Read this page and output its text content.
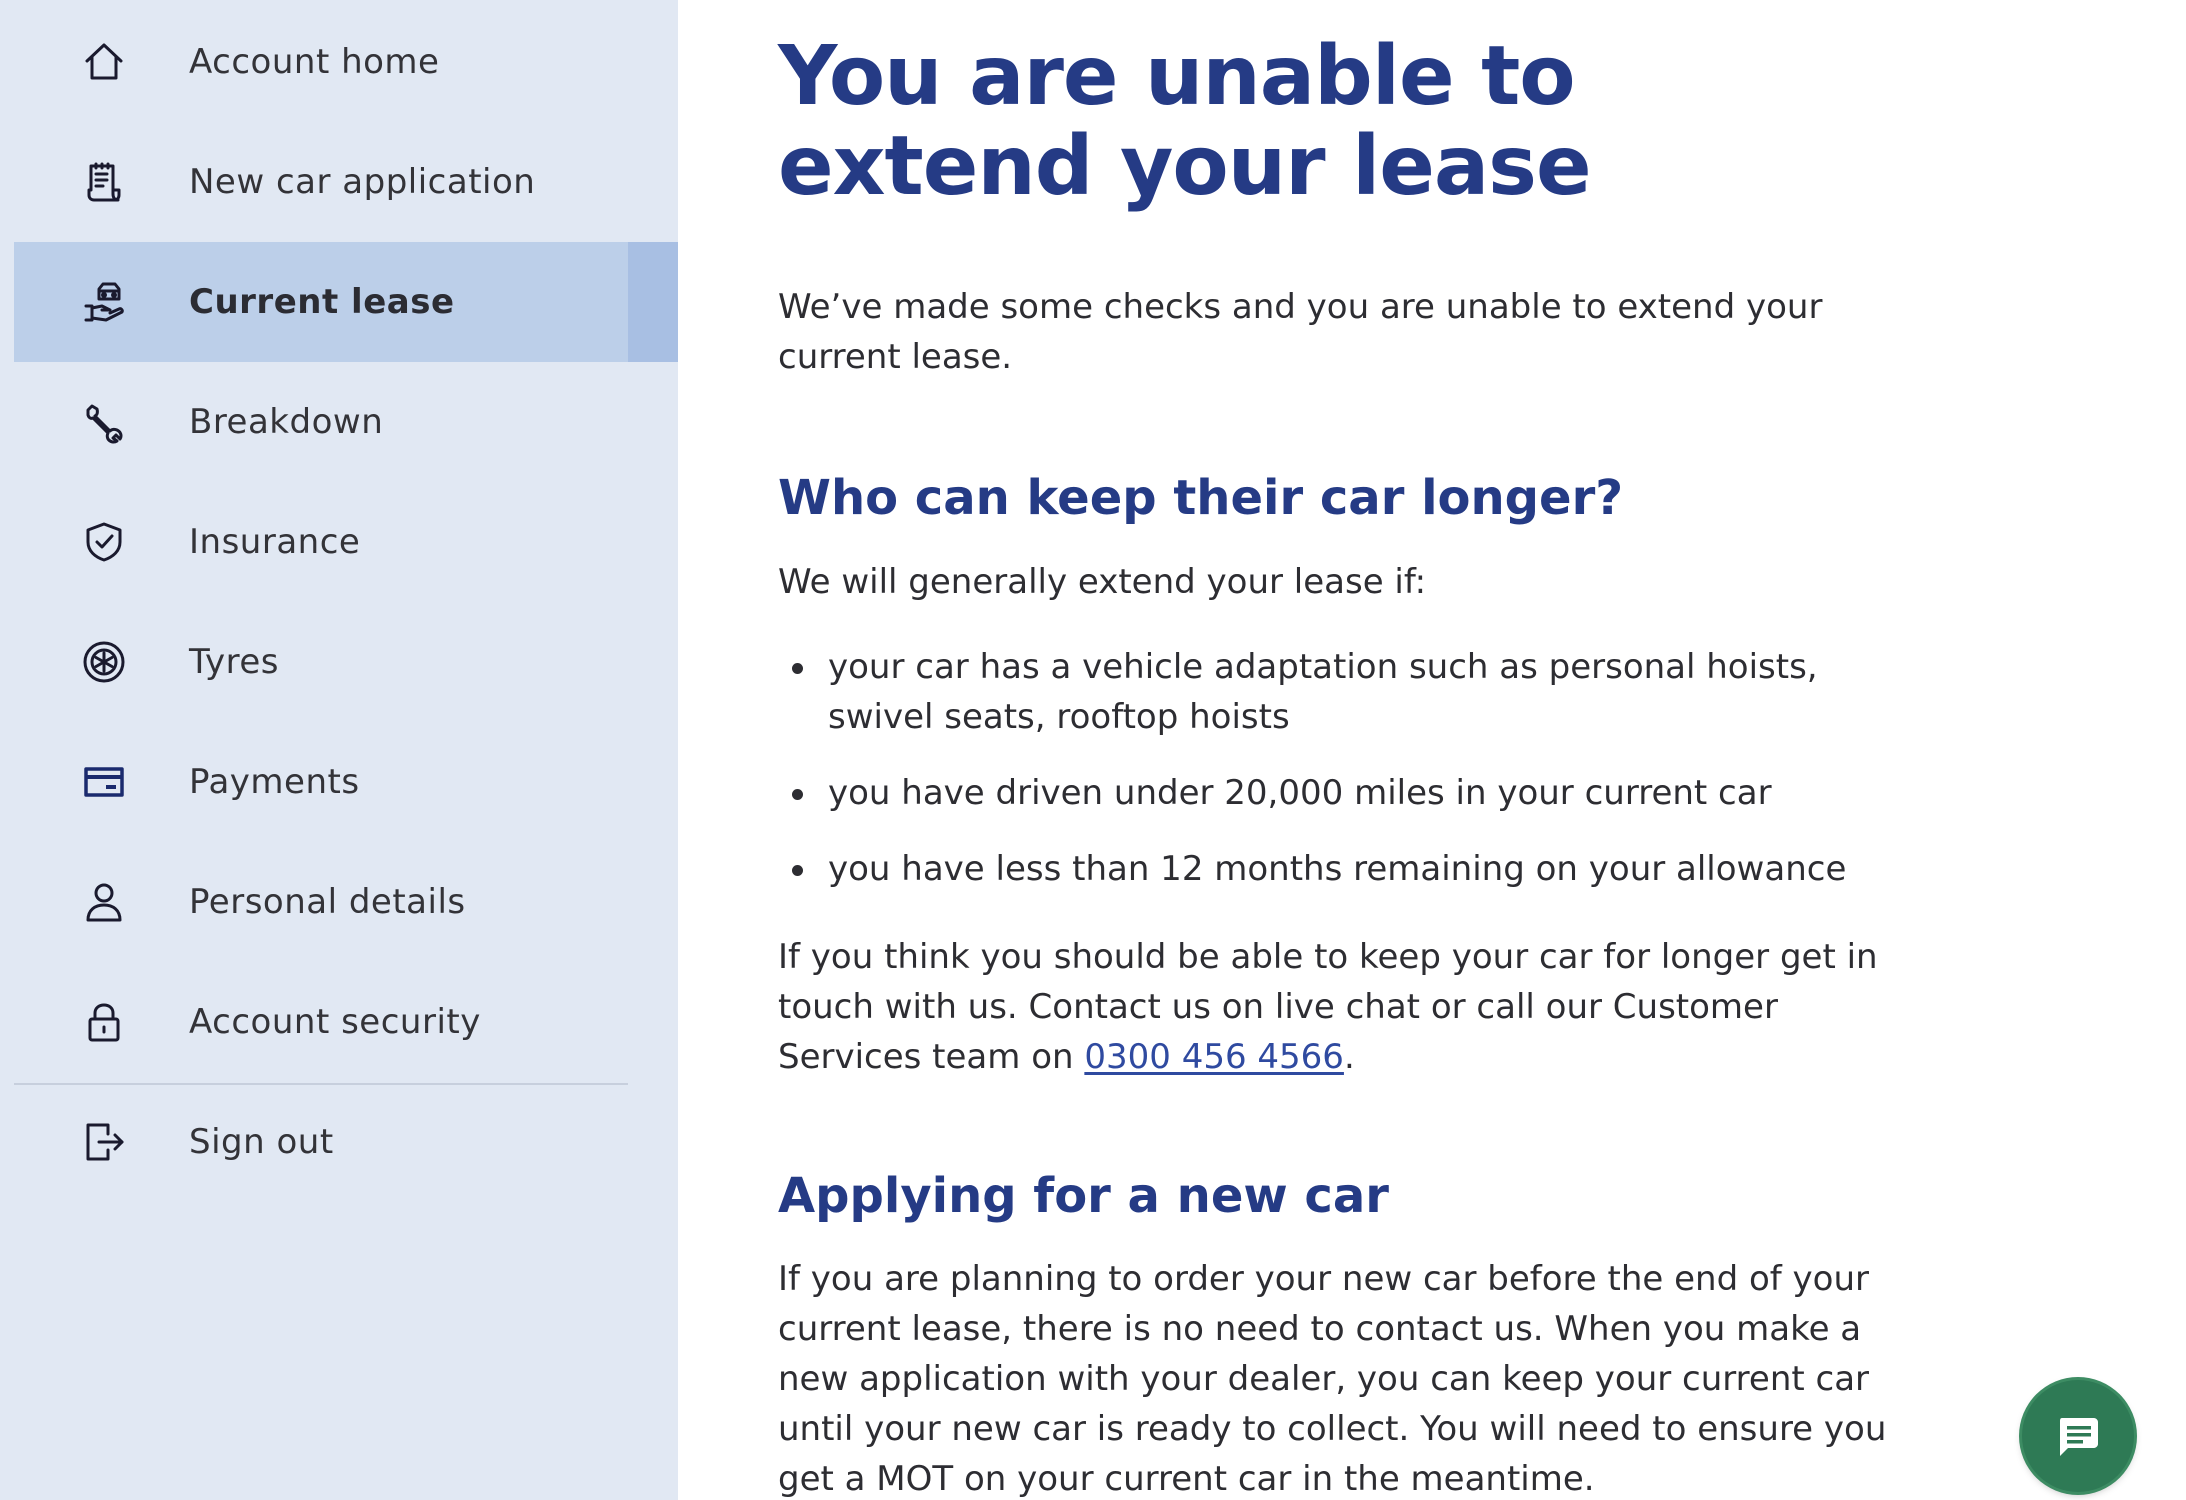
Account home
New car application
Current lease
Breakdown
Insurance
Tyres
Payments
Personal details
Account security
Sign out
You are unable to extend your lease

We’ve made some checks and you are unable to extend your current lease.

Who can keep their car longer?

We will generally extend your lease if:

your car has a vehicle adaptation such as personal hoists, swivel seats, rooftop hoists
you have driven under 20,000 miles in your current car
you have less than 12 months remaining on your allowance

If you think you should be able to keep your car for longer get in touch with us. Contact us on live chat or call our Customer Services team on 0300 456 4566.

Applying for a new car

If you are planning to order your new car before the end of your current lease, there is no need to contact us. When you make a new application with your dealer, you can keep your current car until your new car is ready to collect. You will need to ensure you get a MOT on your current car in the meantime.
